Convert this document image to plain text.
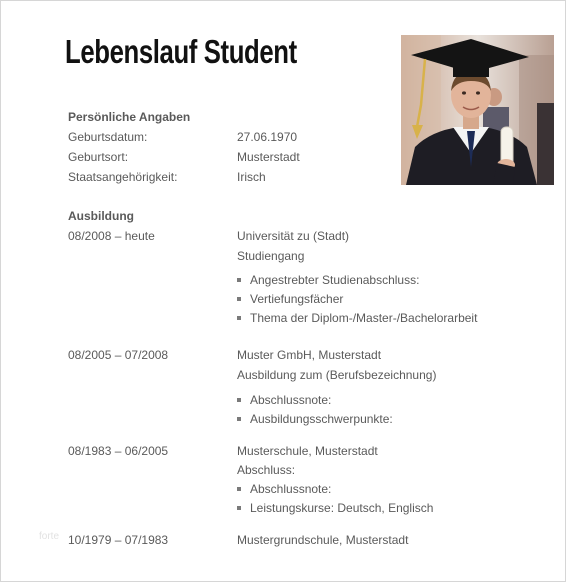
Lebenslauf Student
Persönliche Angaben
Geburtsdatum:	27.06.1970
Geburtsort:	Musterstadt
Staatsangehörigkeit:	Irisch
Ausbildung
08/2008 – heute	Universität zu (Stadt)
Studiengang
Angestrebter Studienabschluss:
Vertiefungsfächer
Thema der Diplom-/Master-/Bachelorarbeit
08/2005 – 07/2008	Muster GmbH, Musterstadt
Ausbildung zum (Berufsbezeichnung)
Abschlussnote:
Ausbildungsschwerpunkte:
08/1983 – 06/2005	Musterschule, Musterstadt
Abschluss:
Abschlussnote:
Leistungskurse: Deutsch, Englisch
10/1979 – 07/1983	Mustergrundschule, Musterstadt
forte
